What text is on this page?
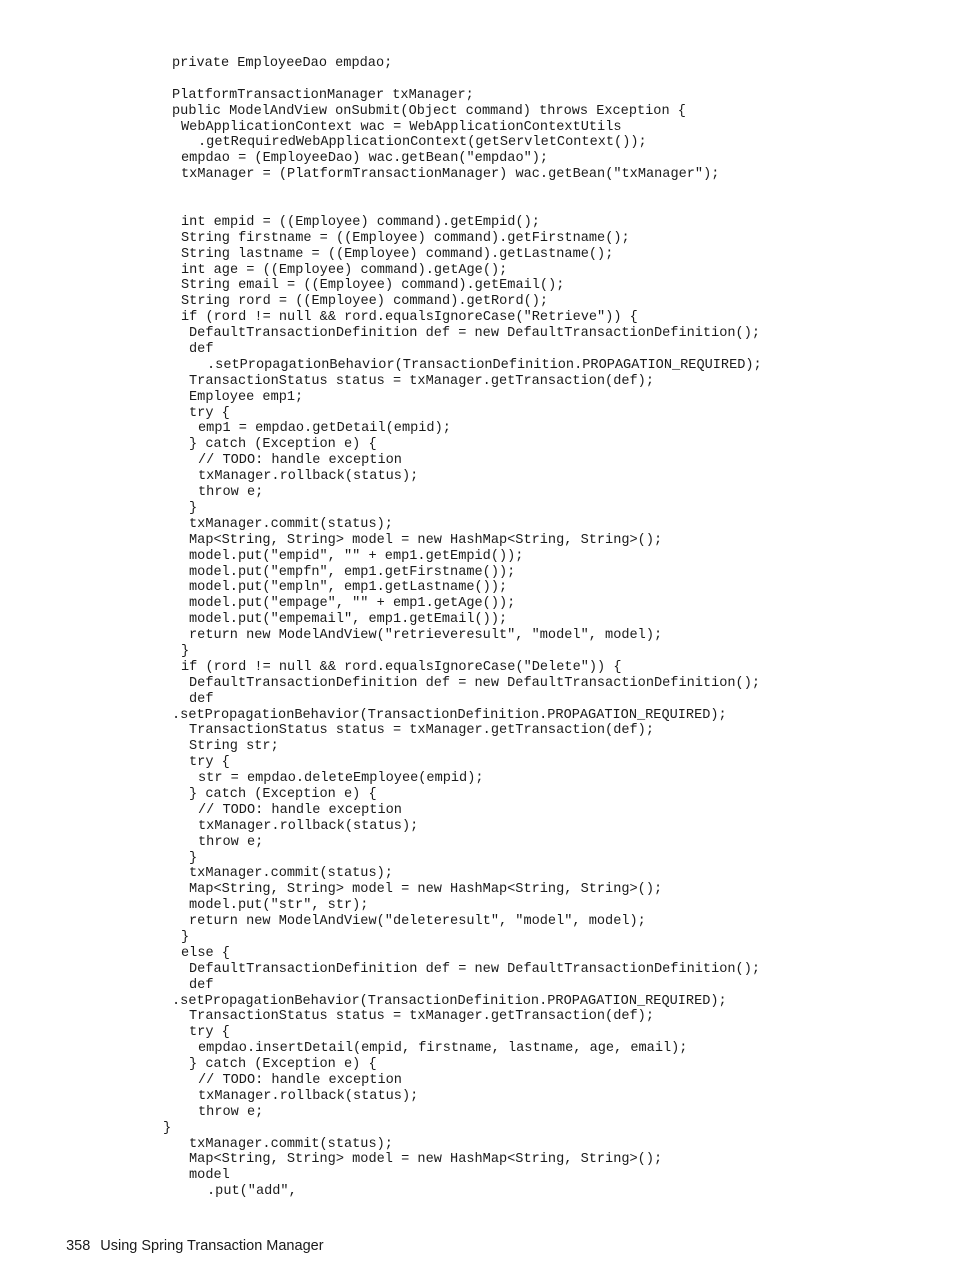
private EmployeeDao empdao;
PlatformTransactionManager txManager;
public ModelAndView onSubmit(Object command) throws Exception {
WebApplicationContext wac = WebApplicationContextUtils
.getRequiredWebApplicationContext(getServletContext());
empdao = (EmployeeDao) wac.getBean("empdao");
txManager = (PlatformTransactionManager) wac.getBean("txManager");
int empid = ((Employee) command).getEmpid();
String firstname = ((Employee) command).getFirstname();
String lastname = ((Employee) command).getLastname();
int age = ((Employee) command).getAge();
String email = ((Employee) command).getEmail();
String rord = ((Employee) command).getRord();
if (rord != null && rord.equalsIgnoreCase("Retrieve")) {
DefaultTransactionDefinition def = new DefaultTransactionDefinition();
def
.setPropagationBehavior(TransactionDefinition.PROPAGATION_REQUIRED);
TransactionStatus status = txManager.getTransaction(def);
Employee emp1;
try {
emp1 = empdao.getDetail(empid);
} catch (Exception e) {
// TODO: handle exception
txManager.rollback(status);
throw e;
}
txManager.commit(status);
Map<String, String> model = new HashMap<String, String>();
model.put("empid", "" + emp1.getEmpid());
model.put("empfn", emp1.getFirstname());
model.put("empln", emp1.getLastname());
model.put("empage", "" + emp1.getAge());
model.put("empemail", emp1.getEmail());
return new ModelAndView("retrieveresult", "model", model);
}
if (rord != null && rord.equalsIgnoreCase("Delete")) {
DefaultTransactionDefinition def = new DefaultTransactionDefinition();
def
.setPropagationBehavior(TransactionDefinition.PROPAGATION_REQUIRED);
TransactionStatus status = txManager.getTransaction(def);
String str;
try {
str = empdao.deleteEmployee(empid);
} catch (Exception e) {
// TODO: handle exception
txManager.rollback(status);
throw e;
}
txManager.commit(status);
Map<String, String> model = new HashMap<String, String>();
model.put("str", str);
return new ModelAndView("deleteresult", "model", model);
}
else {
DefaultTransactionDefinition def = new DefaultTransactionDefinition();
def
.setPropagationBehavior(TransactionDefinition.PROPAGATION_REQUIRED);
TransactionStatus status = txManager.getTransaction(def);
try {
empdao.insertDetail(empid, firstname, lastname, age, email);
} catch (Exception e) {
// TODO: handle exception
txManager.rollback(status);
throw e;
}
txManager.commit(status);
Map<String, String> model = new HashMap<String, String>();
model
.put("add",

358 Using Spring Transaction Manager
